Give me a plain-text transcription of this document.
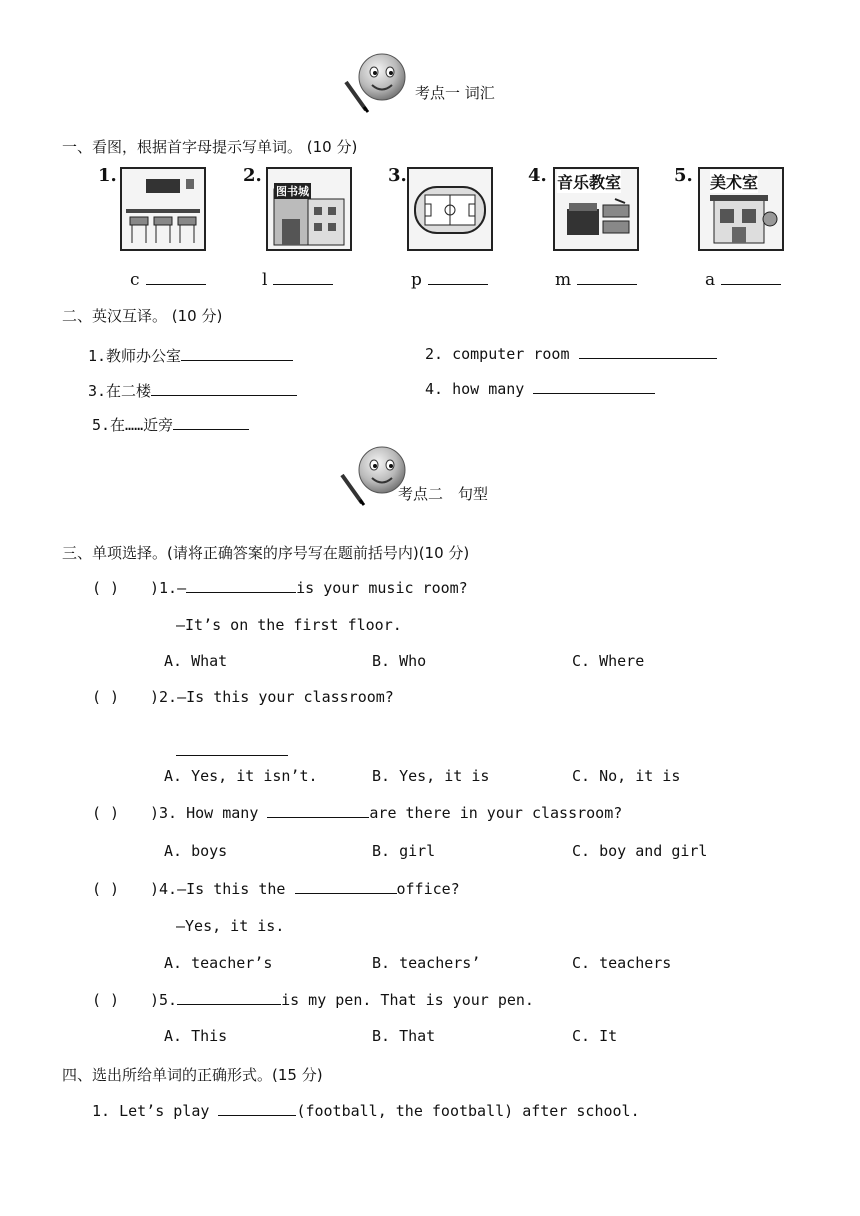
考点一 词汇
一、看图，根据首字母提示写单词。 (10 分)
1.
c
2.
图书城
l
3.
p
4. 音乐教室
m
5. 美术室
a
二、英汉互译。 (10 分)
1.教师办公室	2. computer room
3.在二楼	4. how many
5.在……近旁
考点二　句型
三、单项选择。(请将正确答案的序号写在题前括号内)(10 分)
( ) )1.—	is your music room?
—It’s on the first floor.
A. What	B. Who	C. Where
( ) )2.—Is this your classroom?
A. Yes, it isn’t.	B. Yes, it is	C. No, it is
( ) )3. How many	are there in your classroom?
A. boys	B. girl	C. boy and girl
( ) )4.—Is this the	office?
—Yes, it is.
A. teacher’s	B. teachers’	C. teachers
( ) )5.	is my pen. That is your pen.
A. This	B. That	C. It
四、选出所给单词的正确形式。(15 分)
1. Let’s play	(football, the football) after school.
